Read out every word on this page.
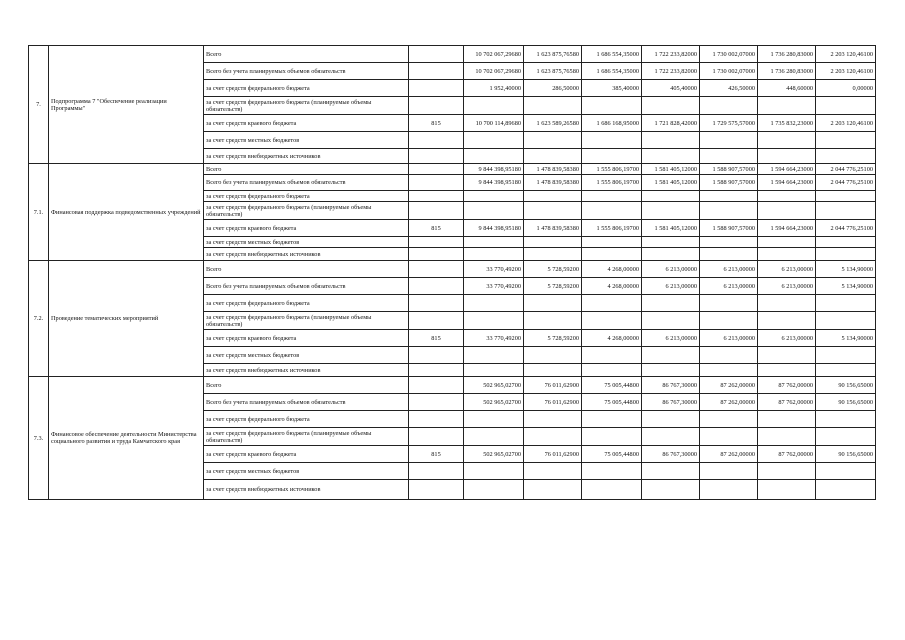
7.	Подпрограмма 7 "Обеспечение реализации Программы"	Всего		10 702 067,29680	1 623 875,76580	1 686 554,35000	1 722 233,82000	1 730 002,07000	1 736 280,83000	2 203 120,46100
		Всего без учета планируемых объемов обязательств		10 702 067,29680	1 623 875,76580	1 686 554,35000	1 722 233,82000	1 730 002,07000	1 736 280,83000	2 203 120,46100
		за счет средств федерального бюджета		1 952,40000	286,50000	385,40000	405,40000	426,50000	448,60000	0,00000
		за счет средств федерального бюджета (планируемые объемы обязательств)								
		за счет средств краевого бюджета	815	10 700 114,89680	1 623 589,26580	1 686 168,95000	1 721 828,42000	1 729 575,57000	1 735 832,23000	2 203 120,46100
		за счет средств местных бюджетов								
		за счет средств внебюджетных источников								
7.1.	Финансовая поддержка подведомственных учреждений	Всего		9 844 398,95180	1 478 839,58380	1 555 806,19700	1 581 405,12000	1 588 907,57000	1 594 664,23000	2 044 776,25100
		Всего без учета планируемых объемов обязательств		9 844 398,95180	1 478 839,58380	1 555 806,19700	1 581 405,12000	1 588 907,57000	1 594 664,23000	2 044 776,25100
		за счет средств федерального бюджета								
		за счет средств федерального бюджета (планируемые объемы обязательств)								
		за счет средств краевого бюджета	815	9 844 398,95180	1 478 839,58380	1 555 806,19700	1 581 405,12000	1 588 907,57000	1 594 664,23000	2 044 776,25100
		за счет средств местных бюджетов								
		за счет средств внебюджетных источников								
7.2.	Проведение тематических мероприятий	Всего		33 770,49200	5 728,59200	4 268,00000	6 213,00000	6 213,00000	6 213,00000	5 134,90000
		Всего без учета планируемых объемов обязательств		33 770,49200	5 728,59200	4 268,00000	6 213,00000	6 213,00000	6 213,00000	5 134,90000
		за счет средств федерального бюджета								
		за счет средств федерального бюджета (планируемые объемы обязательств)								
		за счет средств краевого бюджета	815	33 770,49200	5 728,59200	4 268,00000	6 213,00000	6 213,00000	6 213,00000	5 134,90000
		за счет средств местных бюджетов								
		за счет средств внебюджетных источников								
7.3.	Финансовое обеспечение деятельности Министерства социального развития и труда Камчатского края	Всего		502 965,02700	76 011,62900	75 005,44800	86 767,30000	87 262,00000	87 762,00000	90 156,65000
		Всего без учета планируемых объемов обязательств		502 965,02700	76 011,62900	75 005,44800	86 767,30000	87 262,00000	87 762,00000	90 156,65000
		за счет средств федерального бюджета								
		за счет средств федерального бюджета (планируемые объемы обязательств)								
		за счет средств краевого бюджета	815	502 965,02700	76 011,62900	75 005,44800	86 767,30000	87 262,00000	87 762,00000	90 156,65000
		за счет средств местных бюджетов								
		за счет средств внебюджетных источников								
